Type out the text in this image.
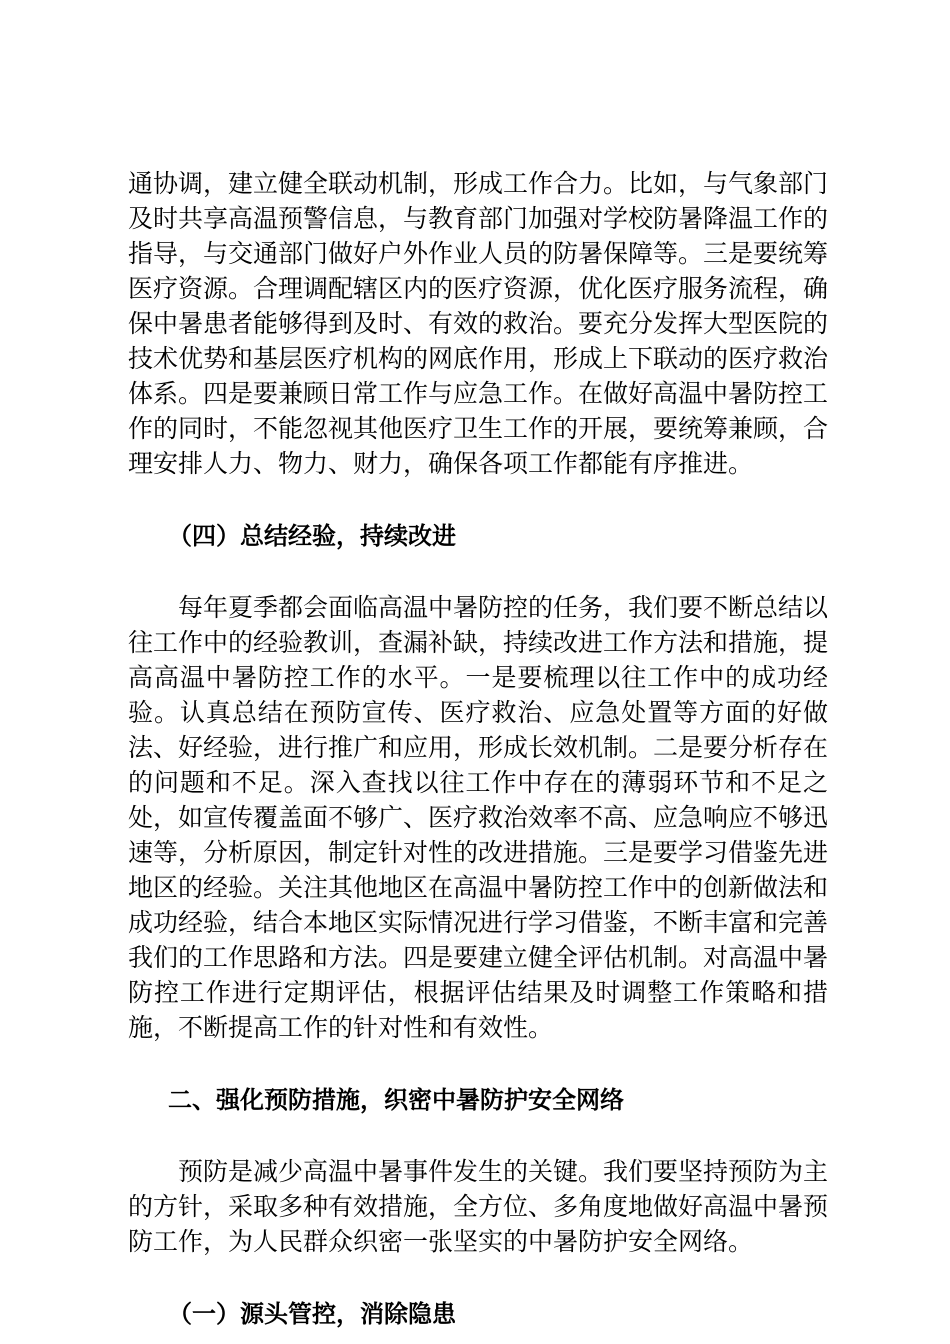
通协调，建立健全联动机制，形成工作合力。比如，与气象部门及时共享高温预警信息，与教育部门加强对学校防暑降温工作的指导，与交通部门做好户外作业人员的防暑保障等。三是要统筹医疗资源。合理调配辖区内的医疗资源，优化医疗服务流程，确保中暑患者能够得到及时、有效的救治。要充分发挥大型医院的技术优势和基层医疗机构的网底作用，形成上下联动的医疗救治体系。四是要兼顾日常工作与应急工作。在做好高温中暑防控工作的同时，不能忽视其他医疗卫生工作的开展，要统筹兼顾，合理安排人力、物力、财力，确保各项工作都能有序推进。

（四）总结经验，持续改进

每年夏季都会面临高温中暑防控的任务，我们要不断总结以往工作中的经验教训，查漏补缺，持续改进工作方法和措施，提高高温中暑防控工作的水平。一是要梳理以往工作中的成功经验。认真总结在预防宣传、医疗救治、应急处置等方面的好做法、好经验，进行推广和应用，形成长效机制。二是要分析存在的问题和不足。深入查找以往工作中存在的薄弱环节和不足之处，如宣传覆盖面不够广、医疗救治效率不高、应急响应不够迅速等，分析原因，制定针对性的改进措施。三是要学习借鉴先进地区的经验。关注其他地区在高温中暑防控工作中的创新做法和成功经验，结合本地区实际情况进行学习借鉴，不断丰富和完善我们的工作思路和方法。四是要建立健全评估机制。对高温中暑防控工作进行定期评估，根据评估结果及时调整工作策略和措施，不断提高工作的针对性和有效性。

二、强化预防措施，织密中暑防护安全网络

预防是减少高温中暑事件发生的关键。我们要坚持预防为主的方针，采取多种有效措施，全方位、多角度地做好高温中暑预防工作，为人民群众织密一张坚实的中暑防护安全网络。

（一）源头管控，消除隐患
